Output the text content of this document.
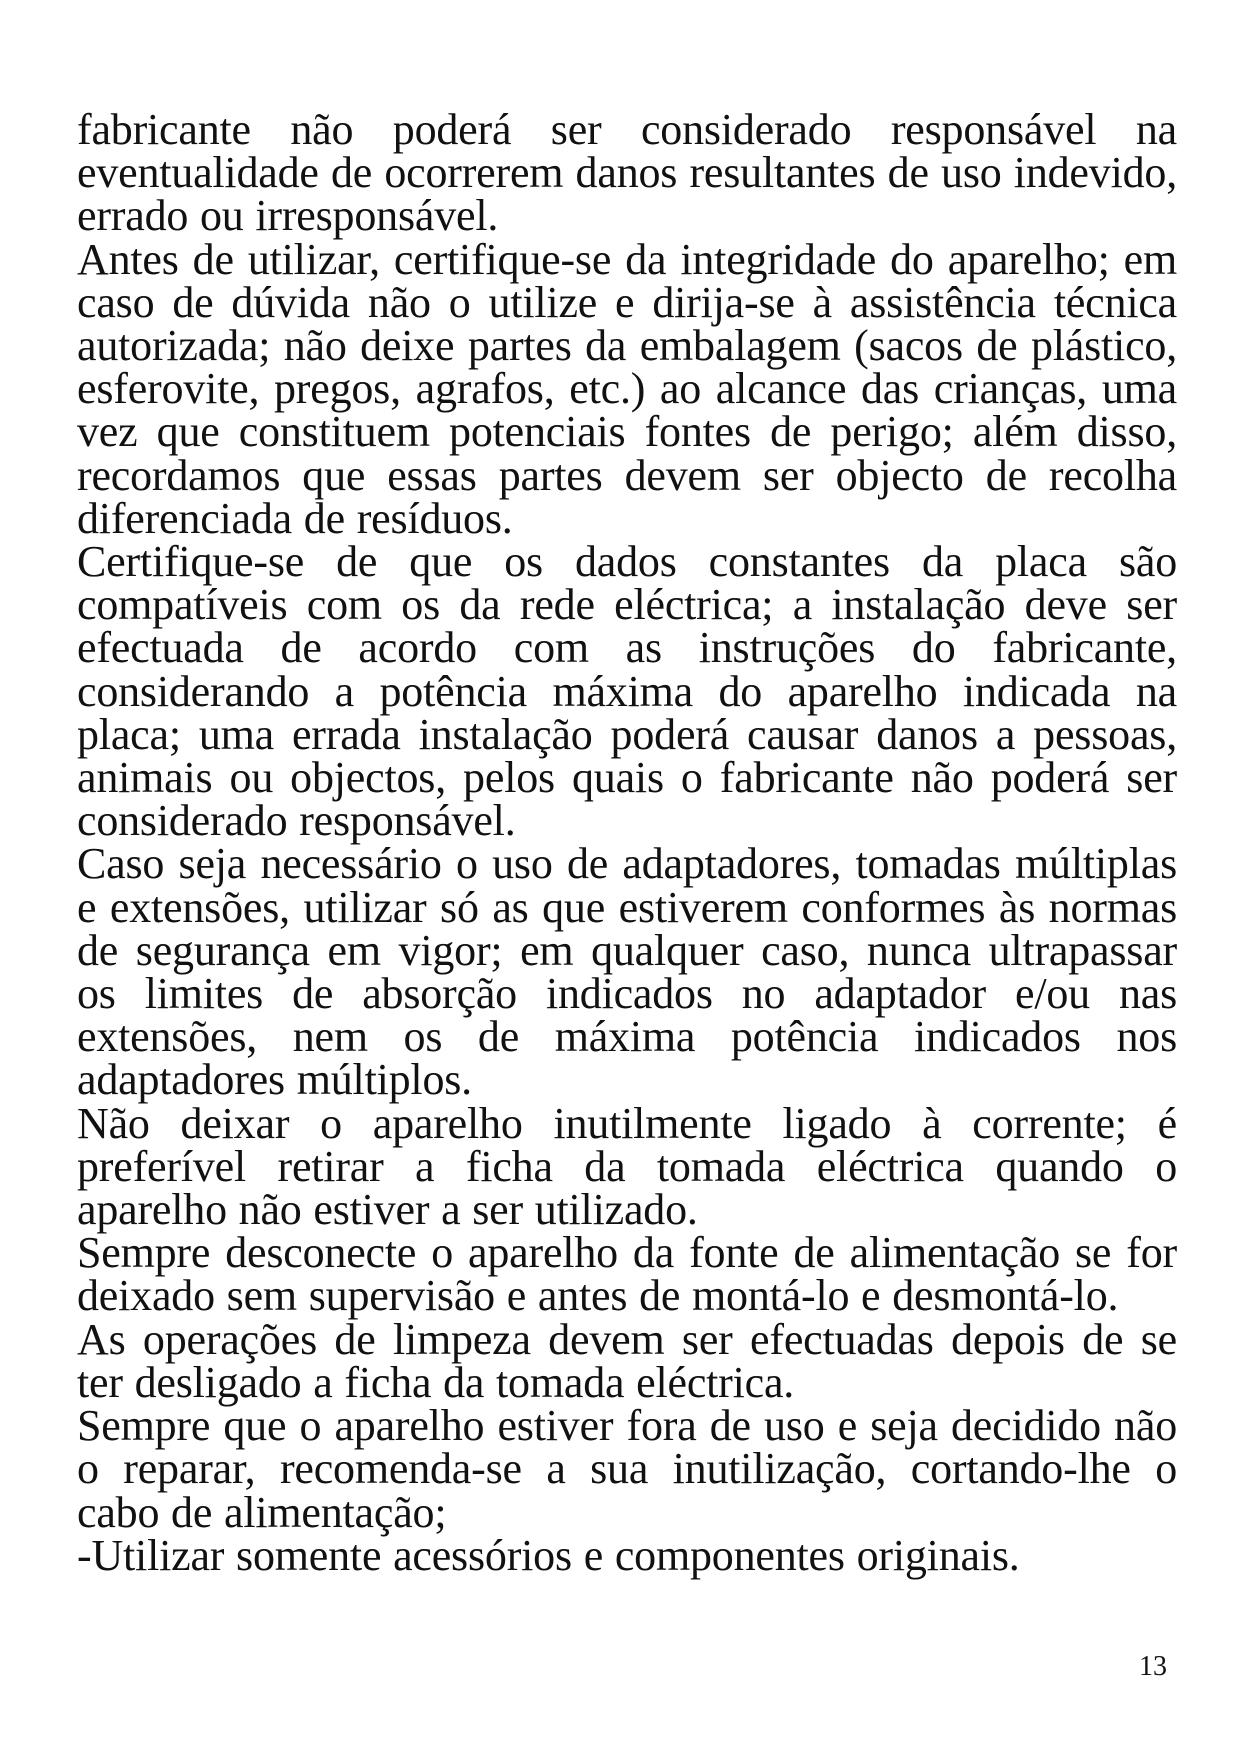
fabricante não poderá ser considerado responsável na eventualidade de ocorrerem danos resultantes de uso indevido, errado ou irresponsável.

Antes de utilizar, certifique-se da integridade do aparelho; em caso de dúvida não o utilize e dirija-se à assistência técnica autorizada; não deixe partes da embalagem (sacos de plástico, esferovite, pregos, agrafos, etc.) ao alcance das crianças, uma vez que constituem potenciais fontes de perigo; além disso, recordamos que essas partes devem ser objecto de recolha diferenciada de resíduos.

Certifique-se de que os dados constantes da placa são compatíveis com os da rede eléctrica; a instalação deve ser efectuada de acordo com as instruções do fabricante, considerando a potência máxima do aparelho indicada na placa; uma errada instalação poderá causar danos a pessoas, animais ou objectos, pelos quais o fabricante não poderá ser considerado responsável.

Caso seja necessário o uso de adaptadores, tomadas múltiplas e extensões, utilizar só as que estiverem conformes às normas de segurança em vigor; em qualquer caso, nunca ultrapassar os limites de absorção indicados no adaptador e/ou nas extensões, nem os de máxima potência indicados nos adaptadores múltiplos.

Não deixar o aparelho inutilmente ligado à corrente; é preferível retirar a ficha da tomada eléctrica quando o aparelho não estiver a ser utilizado.

Sempre desconecte o aparelho da fonte de alimentação se for deixado sem supervisão e antes de montá-lo e desmontá-lo.

As operações de limpeza devem ser efectuadas depois de se ter desligado a ficha da tomada eléctrica.

Sempre que o aparelho estiver fora de uso e seja decidido não o reparar, recomenda-se a sua inutilização, cortando-lhe o cabo de alimentação;

-Utilizar somente acessórios e componentes originais.

13
